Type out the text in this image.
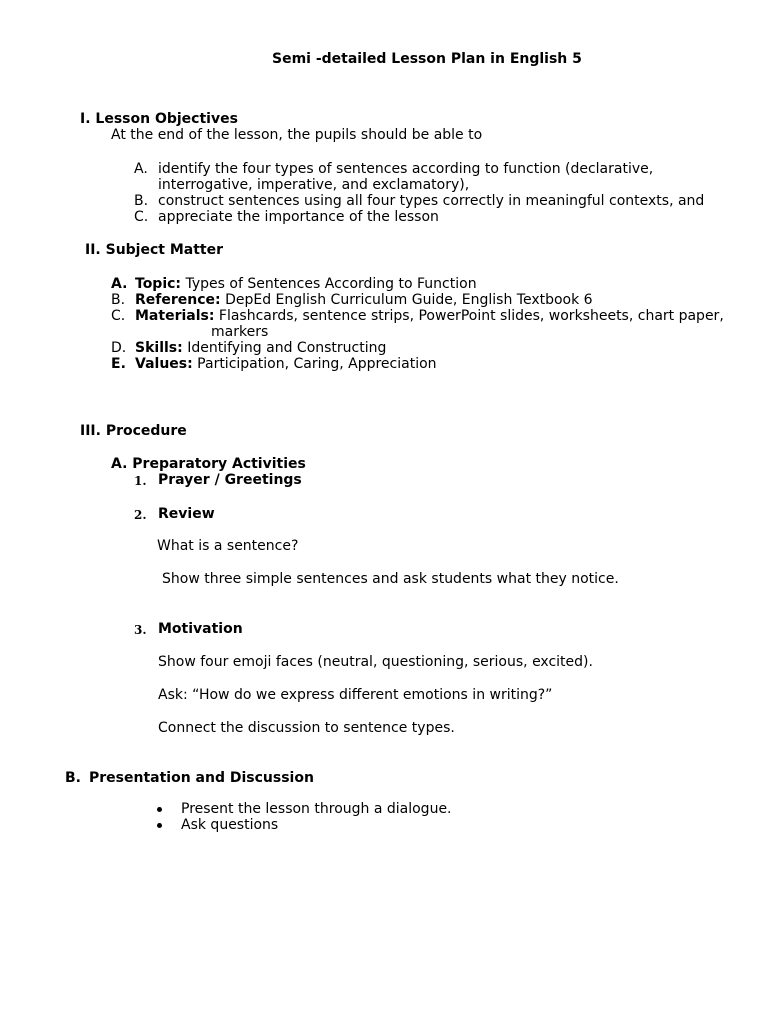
Semi -detailed Lesson Plan in English 5
I. Lesson Objectives
At the end of the lesson, the pupils should be able to
A. identify the four types of sentences according to function (declarative,
interrogative, imperative, and exclamatory),
B. construct sentences using all four types correctly in meaningful contexts, and
C. appreciate the importance of the lesson
II. Subject Matter
A. Topic: Types of Sentences According to Function
B. Reference: DepEd English Curriculum Guide, English Textbook 6
C. Materials: Flashcards, sentence strips, PowerPoint slides, worksheets, chart paper,
markers
D. Skills: Identifying and Constructing
E. Values: Participation, Caring, Appreciation
III. Procedure
A. Preparatory Activities
1. Prayer / Greetings
2. Review
What is a sentence?
Show three simple sentences and ask students what they notice.
3. Motivation
Show four emoji faces (neutral, questioning, serious, excited).
Ask: “How do we express different emotions in writing?”
Connect the discussion to sentence types.
B. Presentation and Discussion
Present the lesson through a dialogue.
Ask questions
